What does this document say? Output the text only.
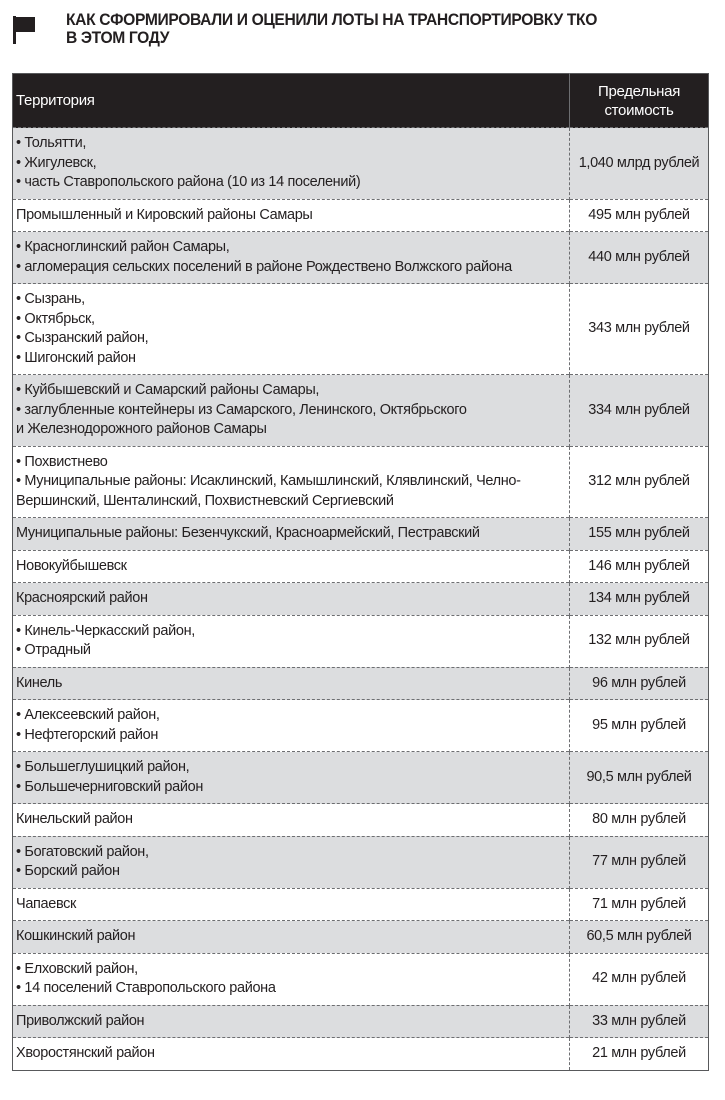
КАК СФОРМИРОВАЛИ И ОЦЕНИЛИ ЛОТЫ НА ТРАНСПОРТИРОВКУ ТКО
В ЭТОМ ГОДУ
Территория	Предельная
стоимость

• Тольятти,
• Жигулевск,
• часть Ставропольского района (10 из 14 поселений)	1,040 млрд рублей

Промышленный и Кировский районы Самары	495 млн рублей

• Красноглинский район Самары,
• агломерация сельских поселений в районе Рождествено Волжского района	440 млн рублей

• Сызрань,
• Октябрьск,
• Сызранский район,
• Шигонский район	343 млн рублей

• Куйбышевский и Самарский районы Самары,
• заглубленные контейнеры из Самарского, Ленинского, Октябрьского
и Железнодорожного районов Самары	334 млн рублей

• Похвистнево
• Муниципальные районы: Исаклинский, Камышлинский, Клявлинский, Челно-
Вершинский, Шенталинский, Похвистневский Сергиевский	312 млн рублей

Муниципальные районы: Безенчукский, Красноармейский, Пестравский	155 млн рублей

Новокуйбышевск	146 млн рублей

Красноярский район	134 млн рублей

• Кинель-Черкасский район,
• Отрадный	132 млн рублей

Кинель	96 млн рублей

• Алексеевский район,
• Нефтегорский район	95 млн рублей

• Большеглушицкий район,
• Большечерниговский район	90,5 млн рублей

Кинельский район	80 млн рублей

• Богатовский район,
• Борский район	77 млн рублей

Чапаевск	71 млн рублей

Кошкинский район	60,5 млн рублей

• Елховский район,
• 14 поселений Ставропольского района	42 млн рублей

Приволжский район	33 млн рублей

Хворостянский район	21 млн рублей
